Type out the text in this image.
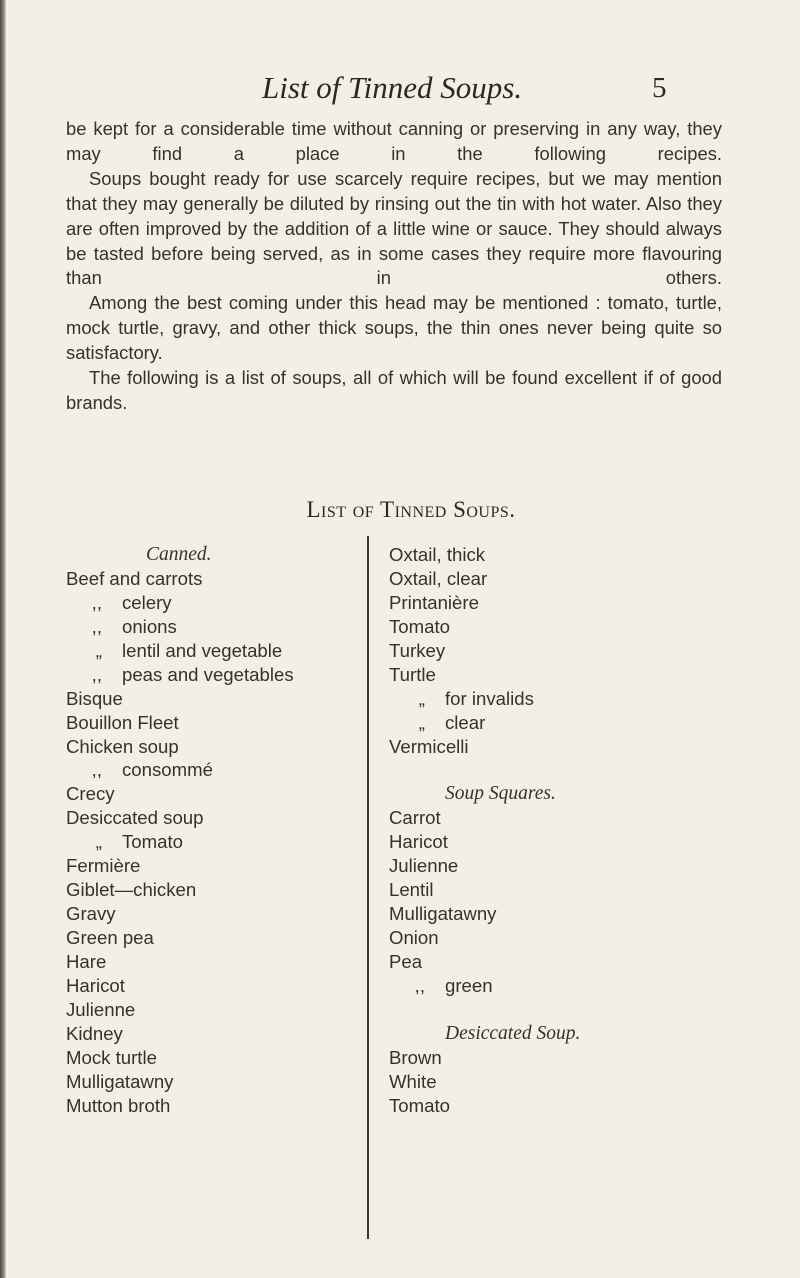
List of Tinned Soups.	5

be kept for a considerable time without canning or preserving in any way, they may find a place in the following recipes.

Soups bought ready for use scarcely require recipes, but we may mention that they may generally be diluted by rinsing out the tin with hot water. Also they are often improved by the addition of a little wine or sauce. They should always be tasted before being served, as in some cases they require more flavouring than in others.

Among the best coming under this head may be mentioned : tomato, turtle, mock turtle, gravy, and other thick soups, the thin ones never being quite so satisfactory.

The following is a list of soups, all of which will be found excellent if of good brands.

List of Tinned Soups.
Canned.
Beef and carrots
,, celery
,, onions
„ lentil and vegetable
,, peas and vegetables
Bisque
Bouillon Fleet
Chicken soup
,, consommé
Crecy
Desiccated soup
„ Tomato
Fermière
Giblet—chicken
Gravy
Green pea
Hare
Haricot
Julienne
Kidney
Mock turtle
Mulligatawny
Mutton broth
Oxtail, thick
Oxtail, clear
Printanière
Tomato
Turkey
Turtle
„ for invalids
„ clear
Vermicelli
Soup Squares.
Carrot
Haricot
Julienne
Lentil
Mulligatawny
Onion
Pea
,, green
Desiccated Soup.
Brown
White
Tomato
